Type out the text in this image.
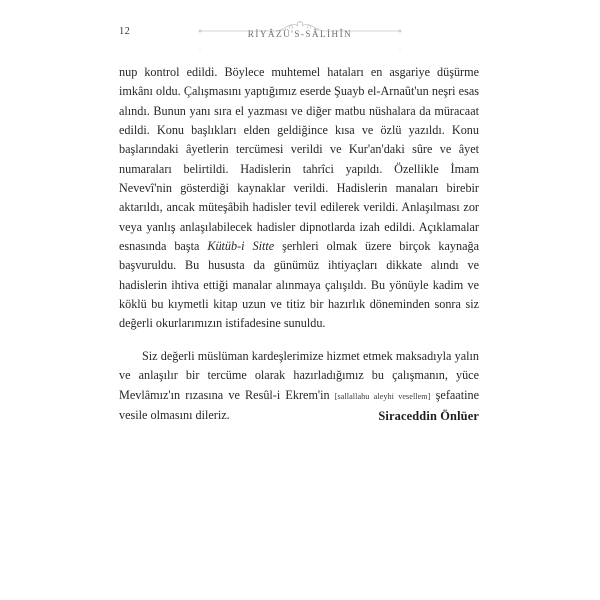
12	RİYÂZÜ'S-SÂLİHÎN

nup kontrol edildi. Böylece muhtemel hataları en asgariye düşürme imkânı oldu. Çalışmasını yaptığımız eserde Şuayb el-Arnaût'un neşri esas alındı. Bunun yanı sıra el yazması ve diğer matbu nüshalara da müracaat edildi. Konu başlıkları elden geldiğince kısa ve özlü yazıldı. Konu başlarındaki âyetlerin tercümesi verildi ve Kur'an'daki sûre ve âyet numaraları belirtildi. Hadislerin tahrîci yapıldı. Özellikle İmam Nevevî'nin gösterdiği kaynaklar verildi. Hadislerin manaları birebir aktarıldı, ancak müteşâbih hadisler tevil edilerek verildi. Anlaşılması zor veya yanlış anlaşılabilecek hadisler dipnotlarda izah edildi. Açıklamalar esnasında başta Kütüb-i Sitte şerhleri olmak üzere birçok kaynağa başvuruldu. Bu hususta da günümüz ihtiyaçları dikkate alındı ve hadislerin ihtiva ettiği manalar alınmaya çalışıldı. Bu yönüyle kadim ve köklü bu kıymetli kitap uzun ve titiz bir hazırlık döneminden sonra siz değerli okurlarımızın istifadesine sunuldu.

Siz değerli müslüman kardeşlerimize hizmet etmek maksadıyla yalın ve anlaşılır bir tercüme olarak hazırladığımız bu çalışmanın, yüce Mevlâmız'ın rızasına ve Resûl-i Ekrem'in [sallallahu aleyhi vesellem] şefaatine vesile olmasını dileriz.	Siraceddin Önlüer
